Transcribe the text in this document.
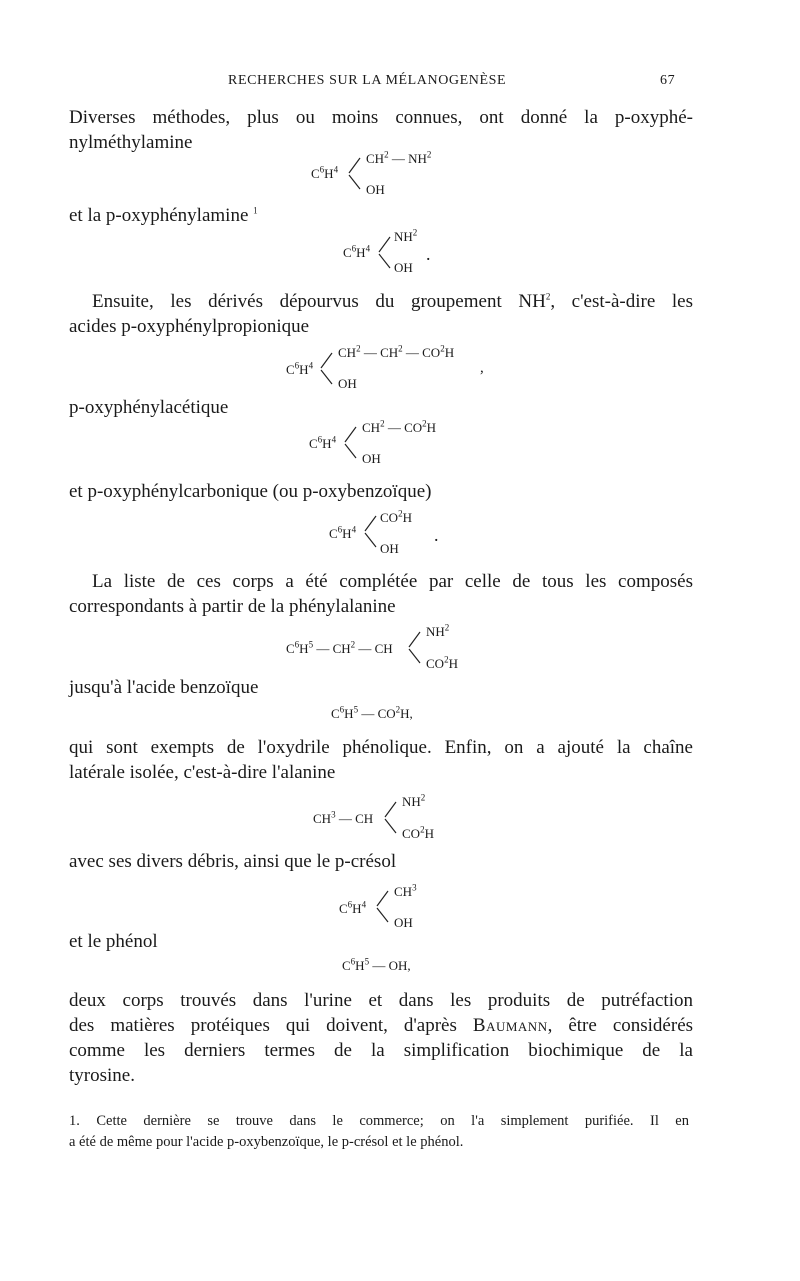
RECHERCHES SUR LA MÉLANOGENÈSE	67
Diverses méthodes, plus ou moins connues, ont donné la p-oxyphé-
nylméthylamine
$C^6H^4$
$CH^2$ — $NH^2$
OH
et la p-oxyphénylamine $^1$
$C^6H^4$
$NH^2$
OH
.
Ensuite, les dérivés dépourvus du groupement $NH^2$, c'est-à-dire les
acides p-oxyphénylpropionique
$C^6H^4$
$CH^2$ — $CH^2$ — $CO^2H$
OH
,
p-oxyphénylacétique
$C^6H^4$
$CH^2$ — $CO^2H$
OH
et p-oxyphénylcarbonique (ou p-oxybenzoïque)
$C^6H^4$
$CO^2H$
OH
.
La liste de ces corps a été complétée par celle de tous les composés
correspondants à partir de la phénylalanine
$C^6H^5$ — $CH^2$ — CH
$NH^2$
$CO^2H$
jusqu'à l'acide benzoïque
$C^6H^5$ — $CO^2H$,
qui sont exempts de l'oxydrile phénolique. Enfin, on a ajouté la chaîne
latérale isolée, c'est-à-dire l'alanine
$CH^3$ — CH
$NH^2$
$CO^2H$
avec ses divers débris, ainsi que le p-crésol
$C^6H^4$
$CH^3$
OH
et le phénol
$C^6H^5$ — OH,
deux corps trouvés dans l'urine et dans les produits de putréfaction
des matières protéiques qui doivent, d'après Baumann, être considérés
comme les derniers termes de la simplification biochimique de la
tyrosine.
1. Cette dernière se trouve dans le commerce; on l'a simplement purifiée. Il en
a été de même pour l'acide p-oxybenzoïque, le p-crésol et le phénol.
